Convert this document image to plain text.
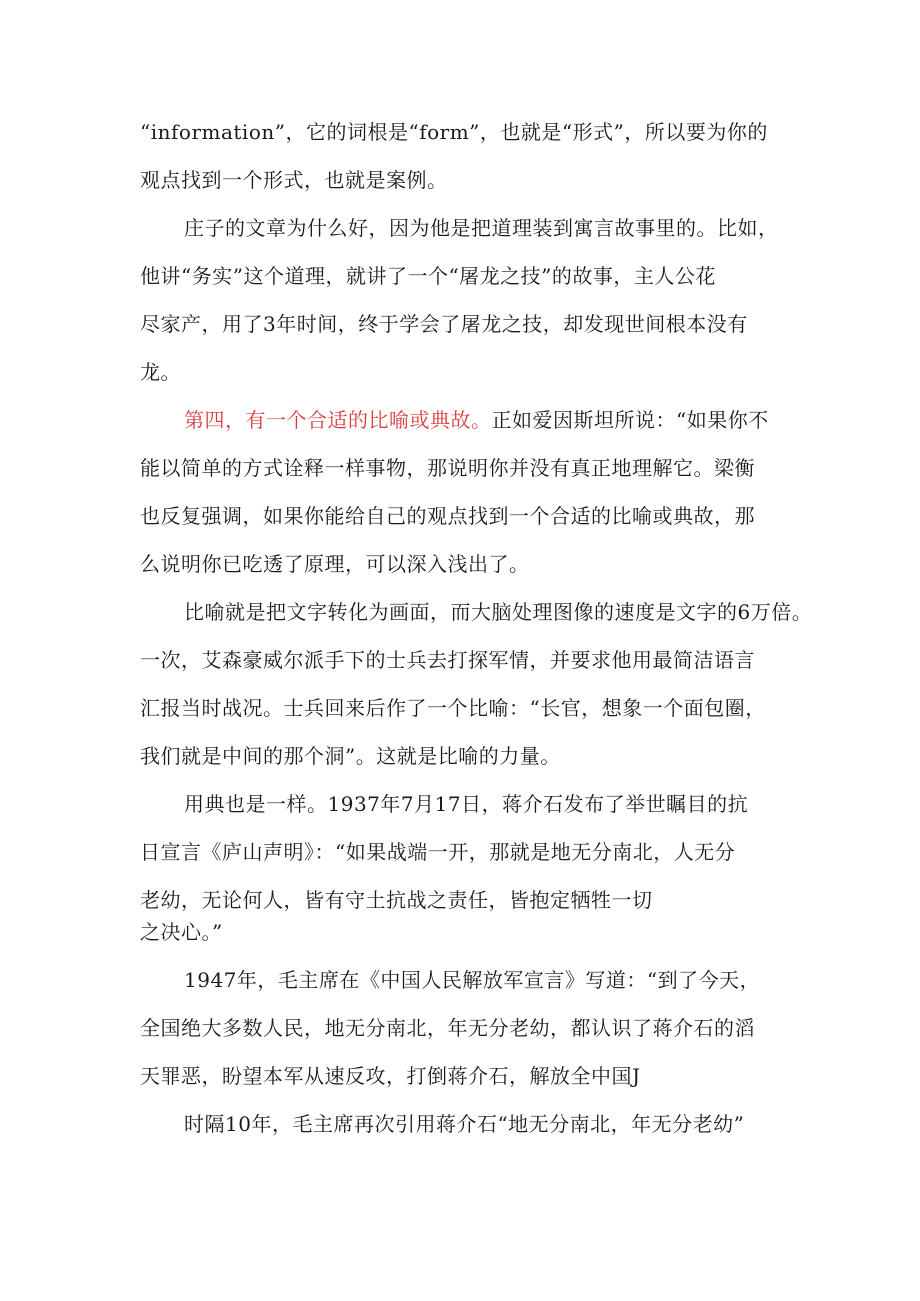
“information”，它的词根是“form”，也就是“形式”，所以要为你的
观点找到一个形式，也就是案例。
庄子的文章为什么好，因为他是把道理装到寓言故事里的。比如，
他讲“务实”这个道理，就讲了一个“屠龙之技”的故事，主人公花
尽家产，用了3年时间，终于学会了屠龙之技，却发现世间根本没有
龙。
第四，有一个合适的比喻或典故。正如爱因斯坦所说：“如果你不
能以简单的方式诠释一样事物，那说明你并没有真正地理解它。梁衡
也反复强调，如果你能给自己的观点找到一个合适的比喻或典故，那
么说明你已吃透了原理，可以深入浅出了。
比喻就是把文字转化为画面，而大脑处理图像的速度是文字的6万倍。
一次，艾森豪威尔派手下的士兵去打探军情，并要求他用最简洁语言
汇报当时战况。士兵回来后作了一个比喻：“长官，想象一个面包圈，
我们就是中间的那个洞”。这就是比喻的力量。
用典也是一样。1937年7月17日，蒋介石发布了举世瞩目的抗
日宣言《庐山声明》：“如果战端一开，那就是地无分南北，人无分
老幼，无论何人，皆有守土抗战之责任，皆抱定牺牲一切
之决心。”
1947年，毛主席在《中国人民解放军宣言》写道：“到了今天，
全国绝大多数人民，地无分南北，年无分老幼，都认识了蒋介石的滔
天罪恶，盼望本军从速反攻，打倒蒋介石，解放全中国J
时隔10年，毛主席再次引用蒋介石“地无分南北，年无分老幼”
